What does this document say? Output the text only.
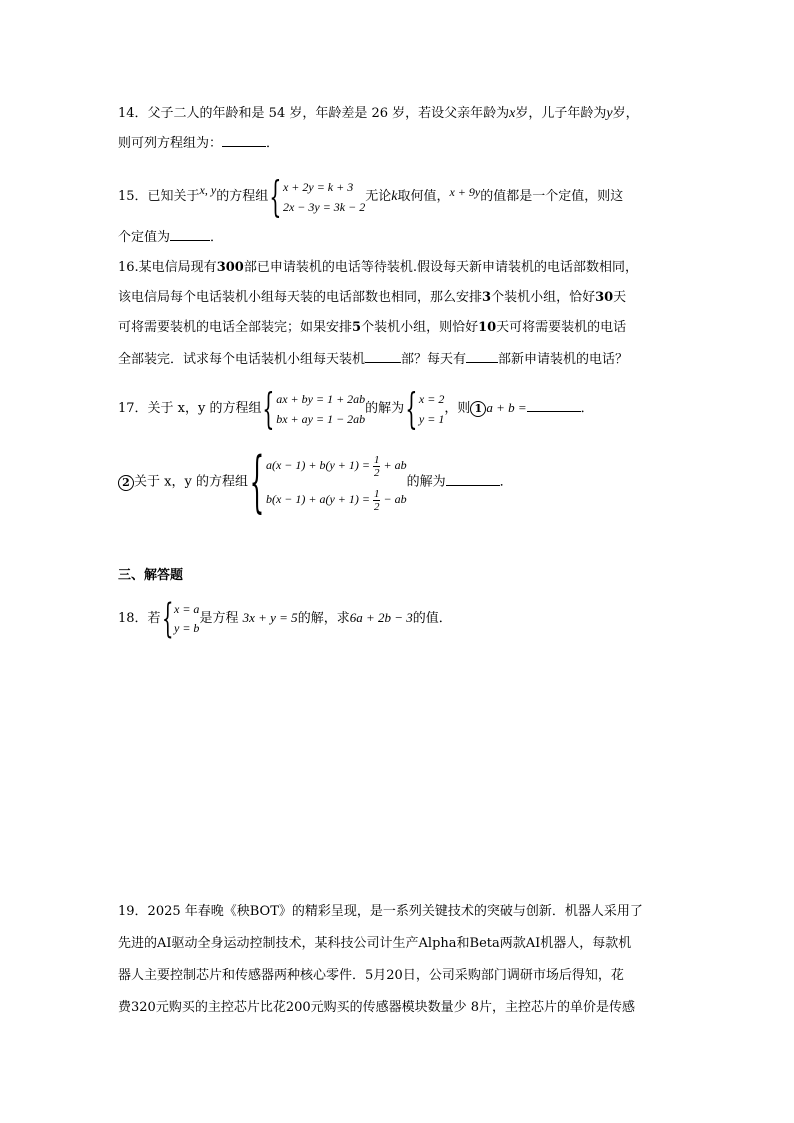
14．父子二人的年龄和是 54 岁，年龄差是 26 岁，若设父亲年龄为x岁，儿子年龄为y岁，
则可列方程组为：	．
15．已知关于x, y的方程组 { x + 2y = k + 3
2x − 3y = 3k − 2
无论k取何值，x + 9y的值都是一个定值，则这
个定值为	．
16.某电信局现有300部已申请装机的电话等待装机.假设每天新申请装机的电话部数相同，
该电信局每个电话装机小组每天装的电话部数也相同，那么安排3个装机小组，恰好30天
可将需要装机的电话全部装完；如果安排5个装机小组，则恰好10天可将需要装机的电话
全部装完．试求每个电话装机小组每天装机	部？每天有 部新申请装机的电话？
17．关于 x，y 的方程组 { ax + by = 1 + 2ab
bx + ay = 1 − 2ab
的解为 { x = 2
y = 1
，则 1 a + b =	．
2 关于 x，y 的方程组 { $a(x - 1) + b(y + 1) = \frac{1}{2}$ + ab
$b(x - 1) + a(y + 1) = \frac{1}{2}$ − ab
的解为	．
三、解答题
18．若 { x = a
y = b
是方程 3x + y = 5的解，求6a + 2b − 3的值．
19．2025 年春晚《秧BOT》的精彩呈现，是一系列关键技术的突破与创新．机器人采用了
先进的AI驱动全身运动控制技术，某科技公司计生产Alpha和Beta两款AI机器人，每款机
器人主要控制芯片和传感器两种核心零件．5月20日，公司采购部门调研市场后得知，花
费320元购买的主控芯片比花200元购买的传感器模块数量少 8片，主控芯片的单价是传感
